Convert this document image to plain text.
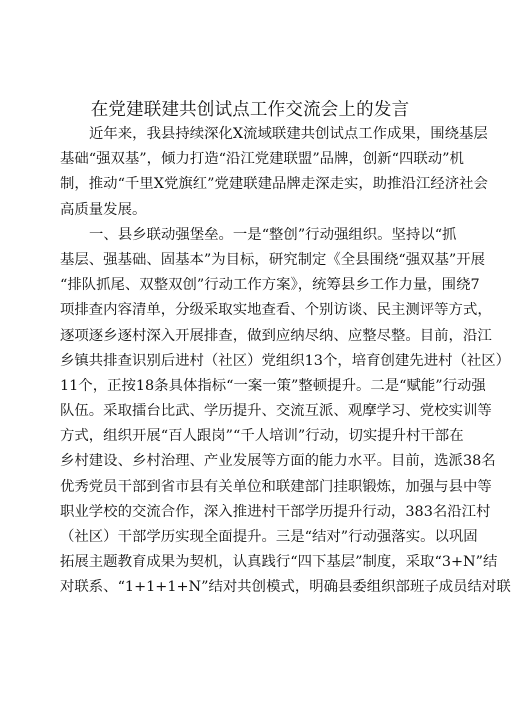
在党建联建共创试点工作交流会上的发言
近年来，我县持续深化X流域联建共创试点工作成果，围绕基层
基础“强双基”，倾力打造“沿江党建联盟”品牌，创新“四联动”机
制，推动“千里X党旗红”党建联建品牌走深走实，助推沿江经济社会
高质量发展。
一、县乡联动强堡垒。一是“整创”行动强组织。坚持以“抓
基层、强基础、固基本”为目标，研究制定《全县围绕“强双基”开展
“排队抓尾、双整双创”行动工作方案》，统筹县乡工作力量，围绕7
项排查内容清单，分级采取实地查看、个别访谈、民主测评等方式，
逐项逐乡逐村深入开展排查，做到应纳尽纳、应整尽整。目前，沿江
乡镇共排查识别后进村（社区）党组织13个，培育创建先进村（社区）
11个，正按18条具体指标“一案一策”整顿提升。二是“赋能”行动强
队伍。采取擂台比武、学历提升、交流互派、观摩学习、党校实训等
方式，组织开展“百人跟岗”“千人培训”行动，切实提升村干部在
乡村建设、乡村治理、产业发展等方面的能力水平。目前，选派38名
优秀党员干部到省市县有关单位和联建部门挂职锻炼，加强与县中等
职业学校的交流合作，深入推进村干部学历提升行动，383名沿江村
（社区）干部学历实现全面提升。三是“结对”行动强落实。以巩固
拓展主题教育成果为契机，认真践行“四下基层”制度，采取“3+N”结
对联系、“1+1+1+N”结对共创模式，明确县委组织部班子成员结对联
